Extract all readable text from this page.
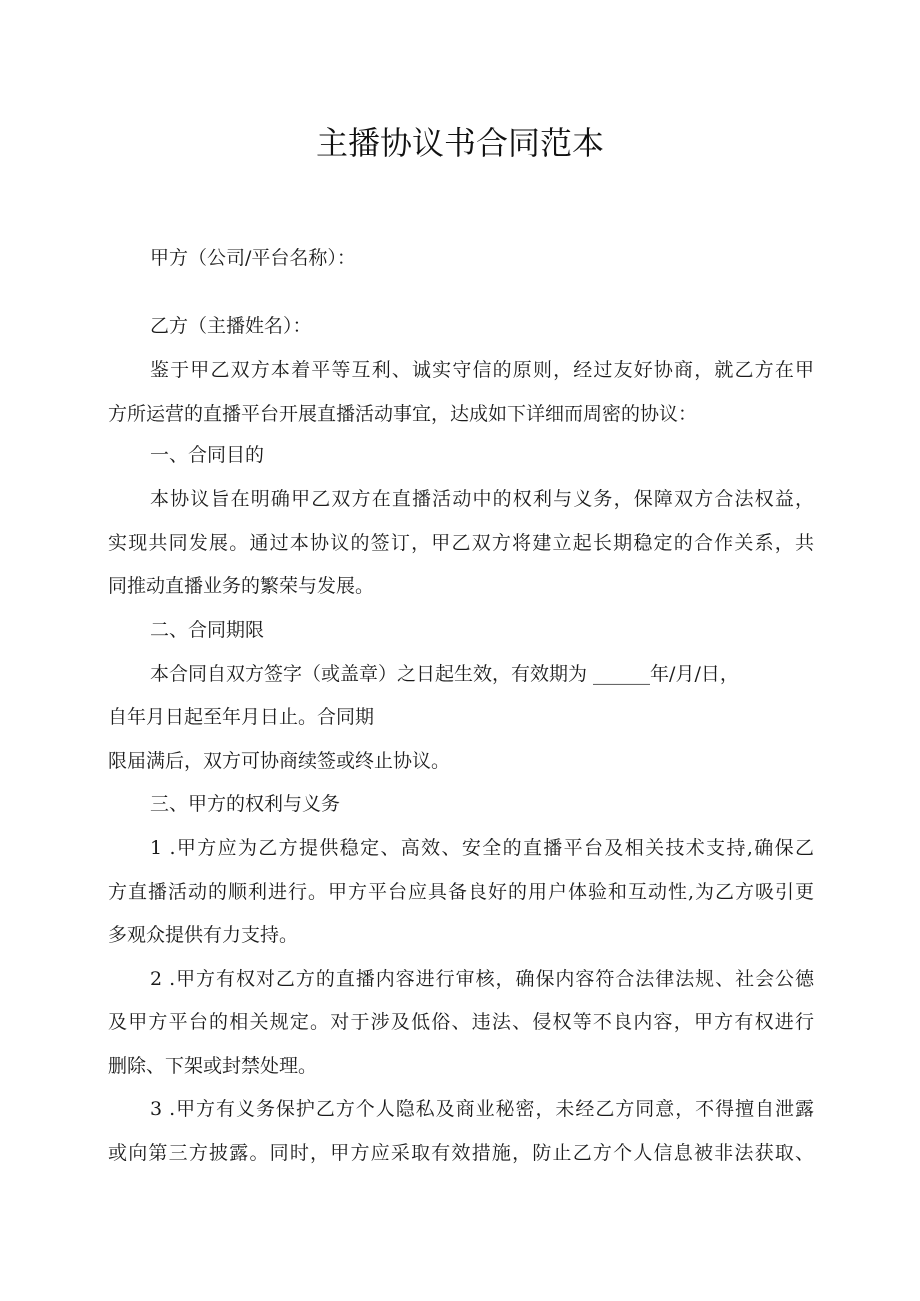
主播协议书合同范本
甲方（公司/平台名称）：
乙方（主播姓名）：
鉴于甲乙双方本着平等互利、诚实守信的原则，经过友好协商，就乙方在甲
方所运营的直播平台开展直播活动事宜，达成如下详细而周密的协议：
一、合同目的
本协议旨在明确甲乙双方在直播活动中的权利与义务，保障双方合法权益，
实现共同发展。通过本协议的签订，甲乙双方将建立起长期稳定的合作关系，共
同推动直播业务的繁荣与发展。
二、合同期限
本合同自双方签字（或盖章）之日起生效，有效期为 ______年/月/日，
自年月日起至年月日止。合同期
限届满后，双方可协商续签或终止协议。
三、甲方的权利与义务
1 .甲方应为乙方提供稳定、高效、安全的直播平台及相关技术支持,确保乙
方直播活动的顺利进行。甲方平台应具备良好的用户体验和互动性,为乙方吸引更
多观众提供有力支持。
2 .甲方有权对乙方的直播内容进行审核，确保内容符合法律法规、社会公德
及甲方平台的相关规定。对于涉及低俗、违法、侵权等不良内容，甲方有权进行
删除、下架或封禁处理。
3 .甲方有义务保护乙方个人隐私及商业秘密，未经乙方同意，不得擅自泄露
或向第三方披露。同时，甲方应采取有效措施，防止乙方个人信息被非法获取、
